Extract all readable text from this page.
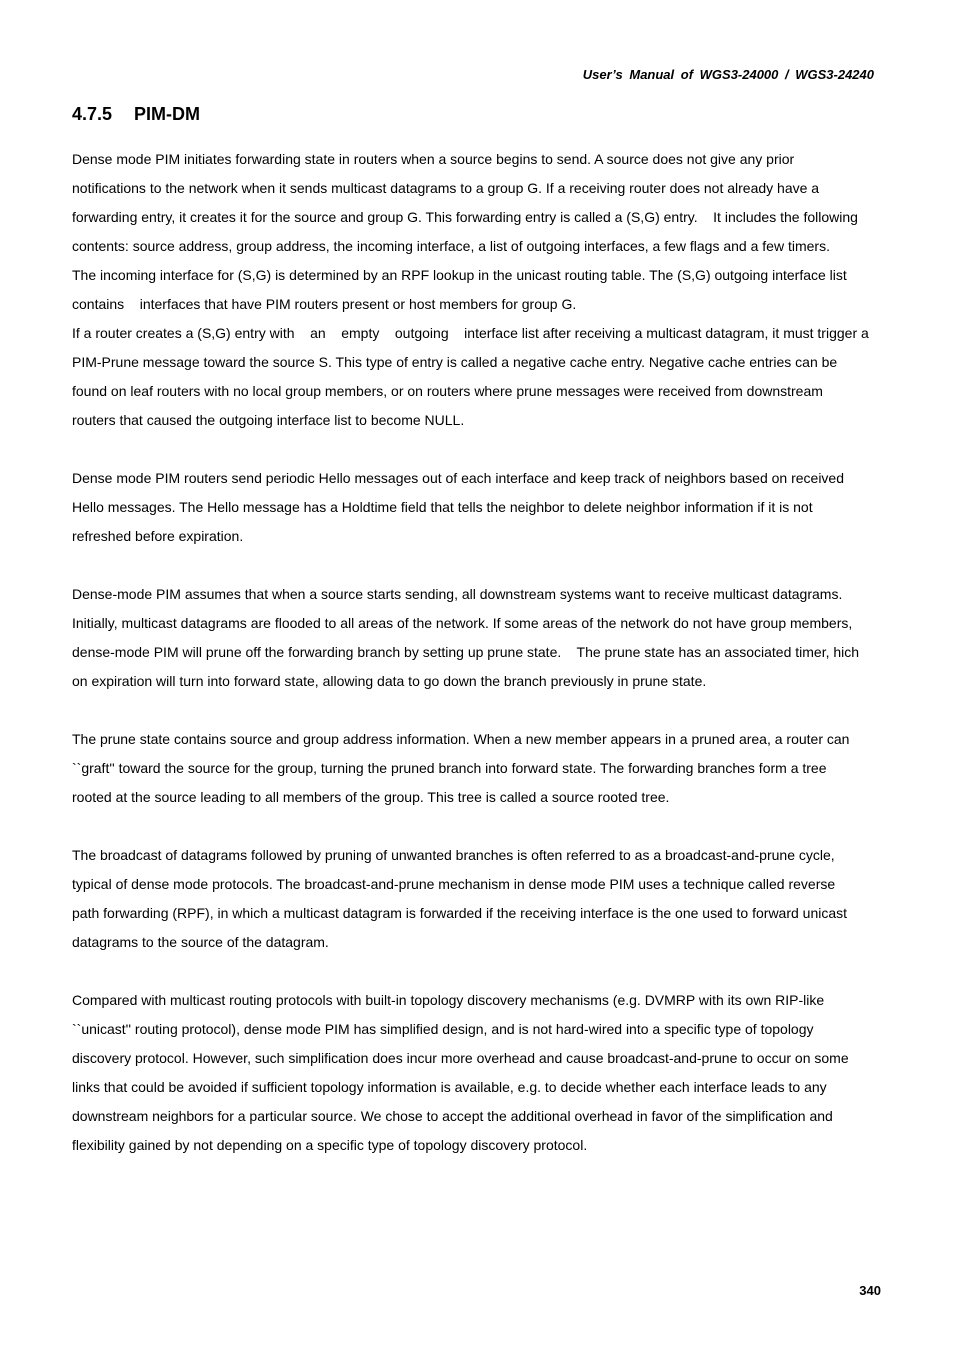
User’s Manual of WGS3-24000 / WGS3-24240
4.7.5 PIM-DM

Dense mode PIM initiates forwarding state in routers when a source begins to send. A source does not give any prior
notifications to the network when it sends multicast datagrams to a group G. If a receiving router does not already have a
forwarding entry, it creates it for the source and group G. This forwarding entry is called a (S,G) entry.    It includes the following
contents: source address, group address, the incoming interface, a list of outgoing interfaces, a few flags and a few timers.
The incoming interface for (S,G) is determined by an RPF lookup in the unicast routing table. The (S,G) outgoing interface list
contains    interfaces that have PIM routers present or host members for group G.

If a router creates a (S,G) entry with    an    empty    outgoing    interface list after receiving a multicast datagram, it must trigger a
PIM-Prune message toward the source S. This type of entry is called a negative cache entry. Negative cache entries can be
found on leaf routers with no local group members, or on routers where prune messages were received from downstream
routers that caused the outgoing interface list to become NULL.

Dense mode PIM routers send periodic Hello messages out of each interface and keep track of neighbors based on received
Hello messages. The Hello message has a Holdtime field that tells the neighbor to delete neighbor information if it is not
refreshed before expiration.

Dense-mode PIM assumes that when a source starts sending, all downstream systems want to receive multicast datagrams.
Initially, multicast datagrams are flooded to all areas of the network. If some areas of the network do not have group members,
dense-mode PIM will prune off the forwarding branch by setting up prune state.    The prune state has an associated timer, hich
on expiration will turn into forward state, allowing data to go down the branch previously in prune state.

The prune state contains source and group address information. When a new member appears in a pruned area, a router can
``graft'' toward the source for the group, turning the pruned branch into forward state. The forwarding branches form a tree
rooted at the source leading to all members of the group. This tree is called a source rooted tree.

The broadcast of datagrams followed by pruning of unwanted branches is often referred to as a broadcast-and-prune cycle,
typical of dense mode protocols. The broadcast-and-prune mechanism in dense mode PIM uses a technique called reverse
path forwarding (RPF), in which a multicast datagram is forwarded if the receiving interface is the one used to forward unicast
datagrams to the source of the datagram.

Compared with multicast routing protocols with built-in topology discovery mechanisms (e.g. DVMRP with its own RIP-like
``unicast'' routing protocol), dense mode PIM has simplified design, and is not hard-wired into a specific type of topology
discovery protocol. However, such simplification does incur more overhead and cause broadcast-and-prune to occur on some
links that could be avoided if sufficient topology information is available, e.g. to decide whether each interface leads to any
downstream neighbors for a particular source. We chose to accept the additional overhead in favor of the simplification and
flexibility gained by not depending on a specific type of topology discovery protocol.

340
